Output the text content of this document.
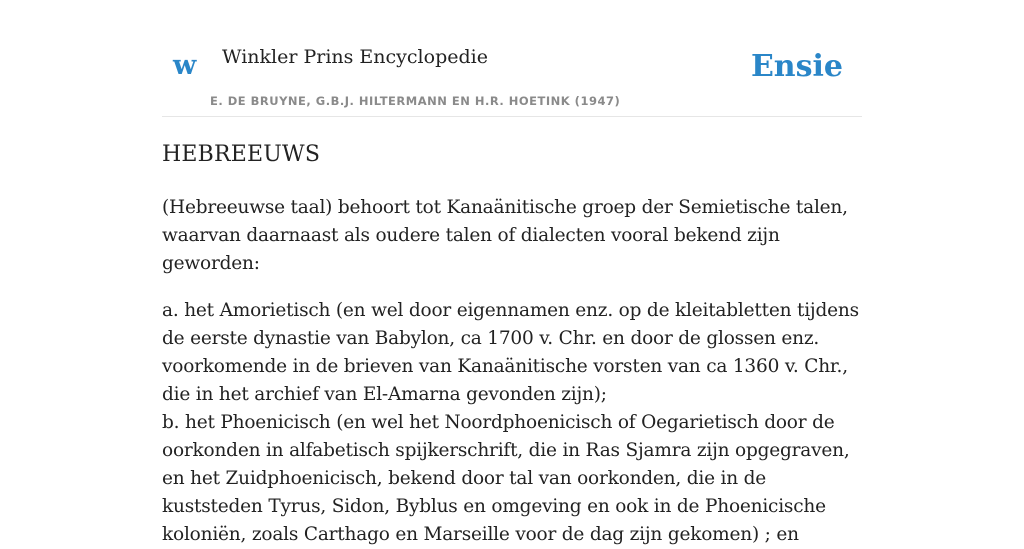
w Winkler Prins Encyclopedie
E. DE BRUYNE, G.B.J. HILTERMANN EN H.R. HOETINK (1947)
Ensie
HEBREEUWS

(Hebreeuwse taal) behoort tot Kanaänitische groep der Semietische talen, waarvan daarnaast als oudere talen of dialecten vooral bekend zijn geworden:

a. het Amorietisch (en wel door eigennamen enz. op de kleitabletten tijdens de eerste dynastie van Babylon, ca 1700 v. Chr. en door de glossen enz. voorkomende in de brieven van Kanaänitische vorsten van ca 1360 v. Chr., die in het archief van El-Amarna gevonden zijn);

b. het Phoenicisch (en wel het Noordphoenicisch of Oegarietisch door de oorkonden in alfabetisch spijkerschrift, die in Ras Sjamra zijn opgegraven, en het Zuidphoenicisch, bekend door tal van oorkonden, die in de kuststeden Tyrus, Sidon, Byblus en omgeving en ook in de Phoenicische koloniën, zoals Carthago en Marseille voor de dag zijn gekomen) ; en
